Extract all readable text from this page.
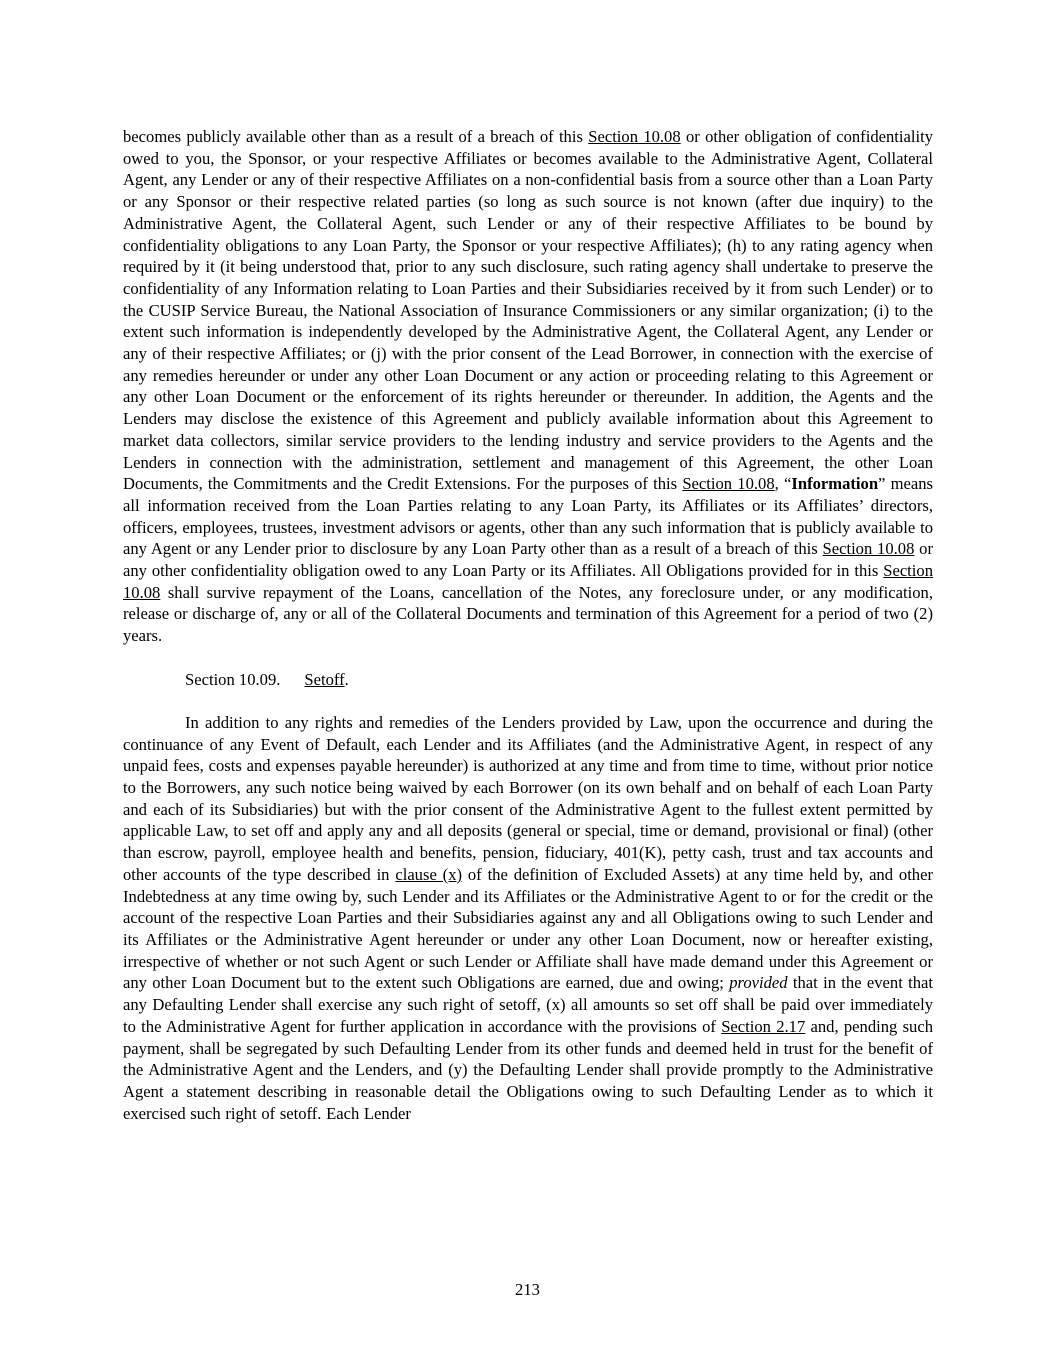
becomes publicly available other than as a result of a breach of this Section 10.08 or other obligation of confidentiality owed to you, the Sponsor, or your respective Affiliates or becomes available to the Administrative Agent, Collateral Agent, any Lender or any of their respective Affiliates on a non-confidential basis from a source other than a Loan Party or any Sponsor or their respective related parties (so long as such source is not known (after due inquiry) to the Administrative Agent, the Collateral Agent, such Lender or any of their respective Affiliates to be bound by confidentiality obligations to any Loan Party, the Sponsor or your respective Affiliates); (h) to any rating agency when required by it (it being understood that, prior to any such disclosure, such rating agency shall undertake to preserve the confidentiality of any Information relating to Loan Parties and their Subsidiaries received by it from such Lender) or to the CUSIP Service Bureau, the National Association of Insurance Commissioners or any similar organization; (i) to the extent such information is independently developed by the Administrative Agent, the Collateral Agent, any Lender or any of their respective Affiliates; or (j) with the prior consent of the Lead Borrower, in connection with the exercise of any remedies hereunder or under any other Loan Document or any action or proceeding relating to this Agreement or any other Loan Document or the enforcement of its rights hereunder or thereunder. In addition, the Agents and the Lenders may disclose the existence of this Agreement and publicly available information about this Agreement to market data collectors, similar service providers to the lending industry and service providers to the Agents and the Lenders in connection with the administration, settlement and management of this Agreement, the other Loan Documents, the Commitments and the Credit Extensions. For the purposes of this Section 10.08, “Information” means all information received from the Loan Parties relating to any Loan Party, its Affiliates or its Affiliates’ directors, officers, employees, trustees, investment advisors or agents, other than any such information that is publicly available to any Agent or any Lender prior to disclosure by any Loan Party other than as a result of a breach of this Section 10.08 or any other confidentiality obligation owed to any Loan Party or its Affiliates. All Obligations provided for in this Section 10.08 shall survive repayment of the Loans, cancellation of the Notes, any foreclosure under, or any modification, release or discharge of, any or all of the Collateral Documents and termination of this Agreement for a period of two (2) years.

Section 10.09. Setoff.

In addition to any rights and remedies of the Lenders provided by Law, upon the occurrence and during the continuance of any Event of Default, each Lender and its Affiliates (and the Administrative Agent, in respect of any unpaid fees, costs and expenses payable hereunder) is authorized at any time and from time to time, without prior notice to the Borrowers, any such notice being waived by each Borrower (on its own behalf and on behalf of each Loan Party and each of its Subsidiaries) but with the prior consent of the Administrative Agent to the fullest extent permitted by applicable Law, to set off and apply any and all deposits (general or special, time or demand, provisional or final) (other than escrow, payroll, employee health and benefits, pension, fiduciary, 401(K), petty cash, trust and tax accounts and other accounts of the type described in clause (x) of the definition of Excluded Assets) at any time held by, and other Indebtedness at any time owing by, such Lender and its Affiliates or the Administrative Agent to or for the credit or the account of the respective Loan Parties and their Subsidiaries against any and all Obligations owing to such Lender and its Affiliates or the Administrative Agent hereunder or under any other Loan Document, now or hereafter existing, irrespective of whether or not such Agent or such Lender or Affiliate shall have made demand under this Agreement or any other Loan Document but to the extent such Obligations are earned, due and owing; provided that in the event that any Defaulting Lender shall exercise any such right of setoff, (x) all amounts so set off shall be paid over immediately to the Administrative Agent for further application in accordance with the provisions of Section 2.17 and, pending such payment, shall be segregated by such Defaulting Lender from its other funds and deemed held in trust for the benefit of the Administrative Agent and the Lenders, and (y) the Defaulting Lender shall provide promptly to the Administrative Agent a statement describing in reasonable detail the Obligations owing to such Defaulting Lender as to which it exercised such right of setoff. Each Lender

213
